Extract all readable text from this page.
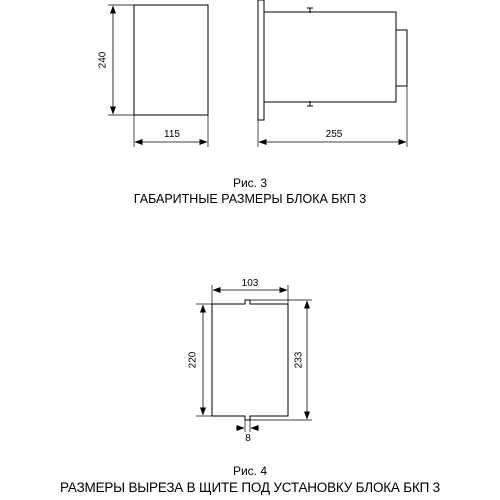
240
115	255
103
220	233
8
Рис. 3
ГАБАРИТНЫЕ РАЗМЕРЫ БЛОКА БКП 3
Рис. 4
РАЗМЕРЫ ВЫРЕЗА В ЩИТЕ ПОД УСТАНОВКУ БЛОКА БКП 3
